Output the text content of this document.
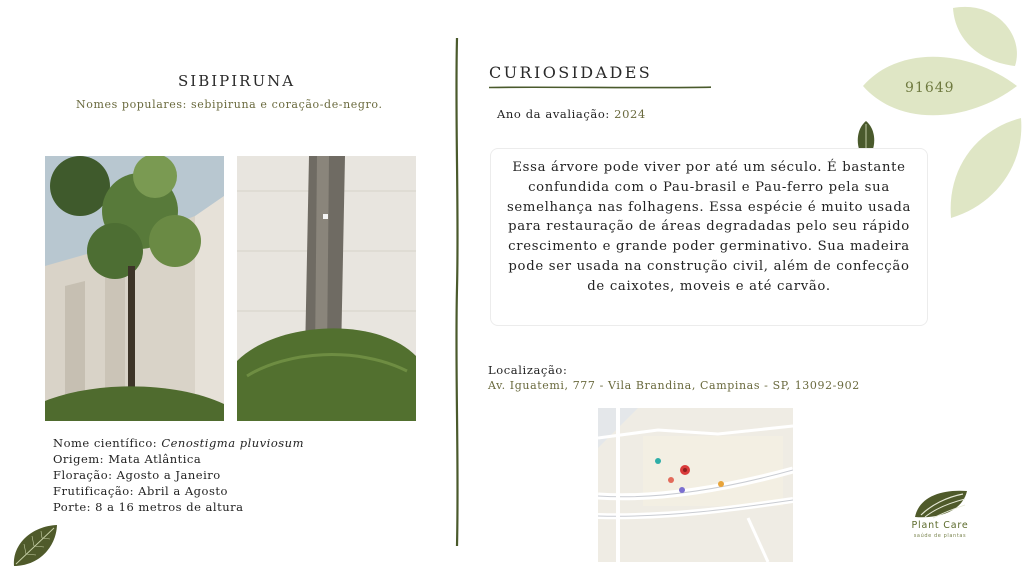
SIBIPIRUNA
Nomes populares: sebipiruna e coração-de-negro.
Nome científico: Cenostigma pluviosum
Origem: Mata Atlântica
Floração: Agosto a Janeiro
Frutificação: Abril a Agosto
Porte: 8 a 16 metros de altura
CURIOSIDADES
Ano da avaliação: 2024
Essa árvore pode viver por até um século. É bastante confundida com o Pau-brasil e Pau-ferro pela sua semelhança nas folhagens. Essa espécie é muito usada para restauração de áreas degradadas pelo seu rápido crescimento e grande poder germinativo. Sua madeira pode ser usada na construção civil, além de confecção de caixotes, moveis e até carvão.
Localização:
Av. Iguatemi, 777 - Vila Brandina, Campinas - SP, 13092-902
91649
Plant Care
saúde de plantas
